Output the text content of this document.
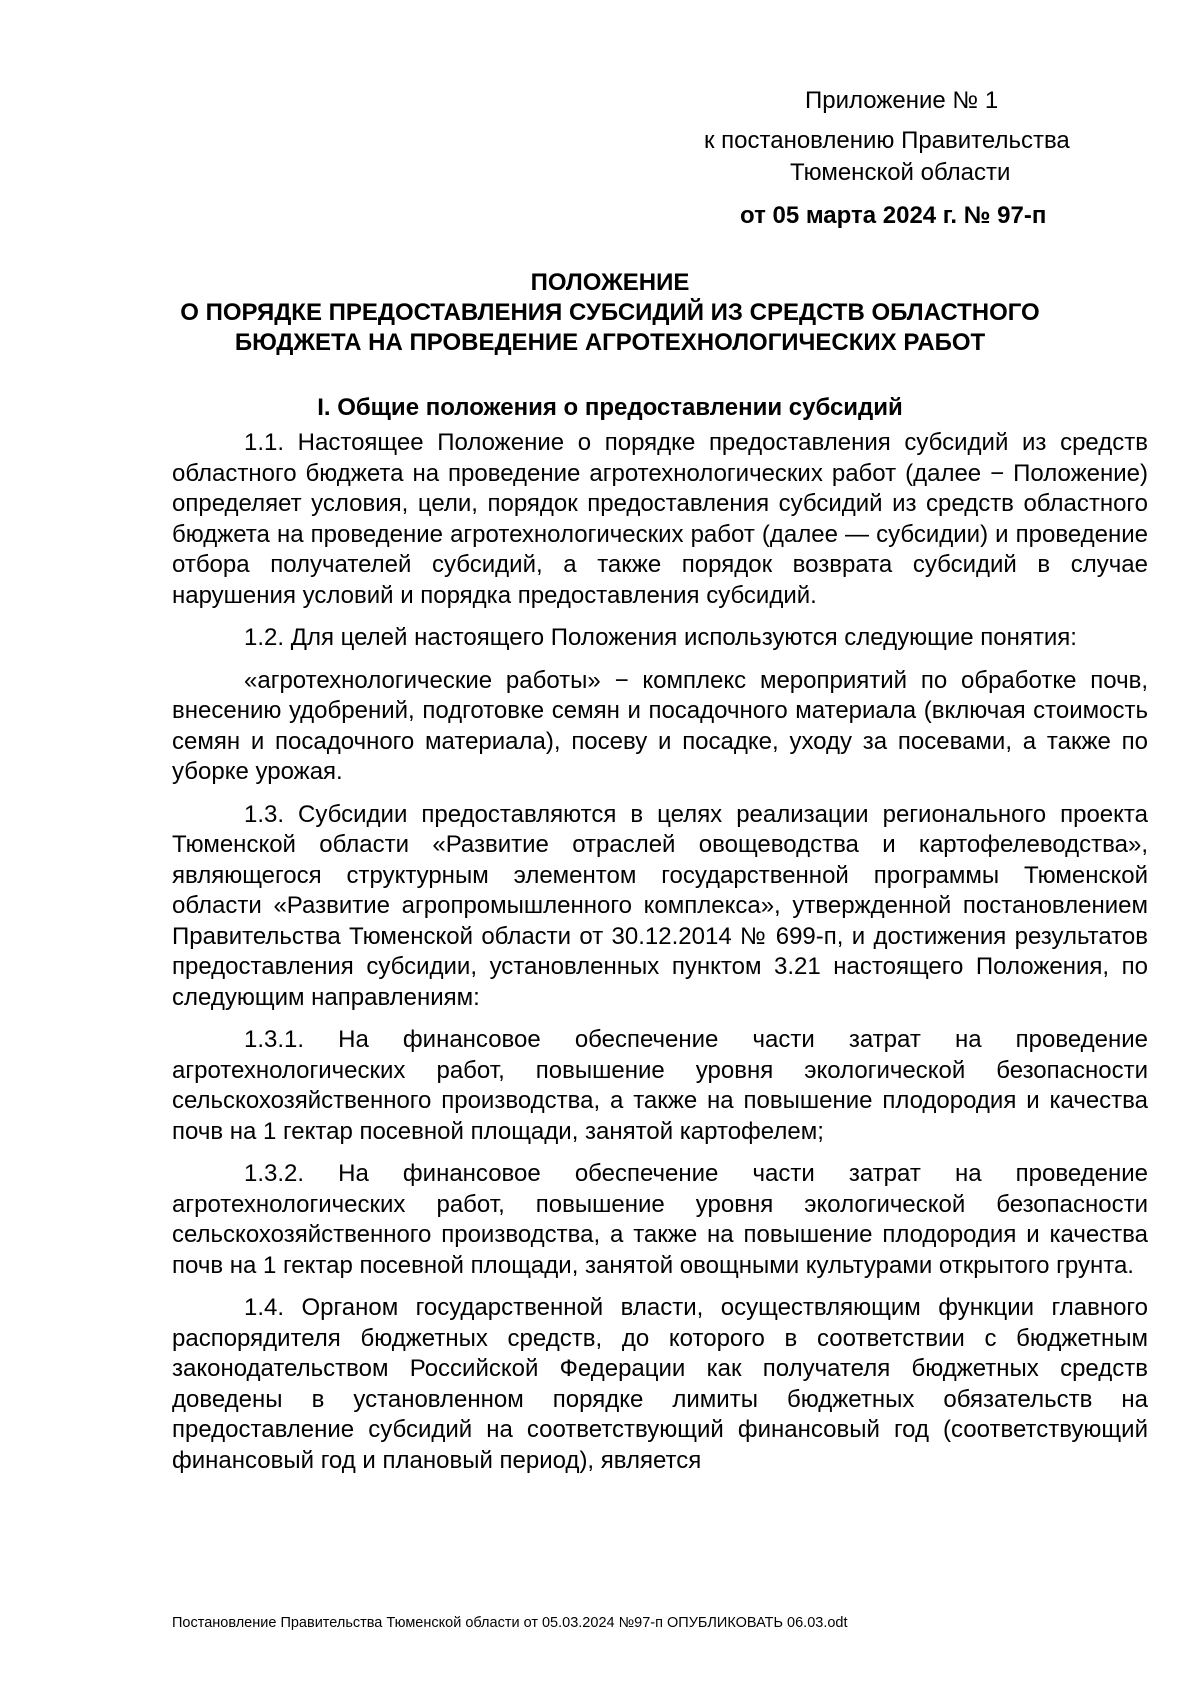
Приложение № 1
к постановлению Правительства
Тюменской области
от 05 марта 2024 г. № 97-п
ПОЛОЖЕНИЕ
О ПОРЯДКЕ ПРЕДОСТАВЛЕНИЯ СУБСИДИЙ ИЗ СРЕДСТВ ОБЛАСТНОГО
БЮДЖЕТА НА ПРОВЕДЕНИЕ АГРОТЕХНОЛОГИЧЕСКИХ РАБОТ
I. Общие положения о предоставлении субсидий

1.1. Настоящее Положение о порядке предоставления субсидий из средств областного бюджета на проведение агротехнологических работ (далее − Положение) определяет условия, цели, порядок предоставления субсидий из средств областного бюджета на проведение агротехнологических работ (далее — субсидии) и проведение отбора получателей субсидий, а также порядок возврата субсидий в случае нарушения условий и порядка предоставления субсидий.

1.2. Для целей настоящего Положения используются следующие понятия:

«агротехнологические работы» − комплекс мероприятий по обработке почв, внесению удобрений, подготовке семян и посадочного материала (включая стоимость семян и посадочного материала), посеву и посадке, уходу за посевами, а также по уборке урожая.

1.3. Субсидии предоставляются в целях реализации регионального проекта Тюменской области «Развитие отраслей овощеводства и картофелеводства», являющегося структурным элементом государственной программы Тюменской области «Развитие агропромышленного комплекса», утвержденной постановлением Правительства Тюменской области от 30.12.2014 № 699-п, и достижения результатов предоставления субсидии, установленных пунктом 3.21 настоящего Положения, по следующим направлениям:

1.3.1. На финансовое обеспечение части затрат на проведение агротехнологических работ, повышение уровня экологической безопасности сельскохозяйственного производства, а также на повышение плодородия и качества почв на 1 гектар посевной площади, занятой картофелем;

1.3.2. На финансовое обеспечение части затрат на проведение агротехнологических работ, повышение уровня экологической безопасности сельскохозяйственного производства, а также на повышение плодородия и качества почв на 1 гектар посевной площади, занятой овощными культурами открытого грунта.

1.4. Органом государственной власти, осуществляющим функции главного распорядителя бюджетных средств, до которого в соответствии с бюджетным законодательством Российской Федерации как получателя бюджетных средств доведены в установленном порядке лимиты бюджетных обязательств на предоставление субсидий на соответствующий финансовый год (соответствующий финансовый год и плановый период), является

Постановление Правительства Тюменской области от 05.03.2024 №97-п ОПУБЛИКОВАТЬ 06.03.odt
